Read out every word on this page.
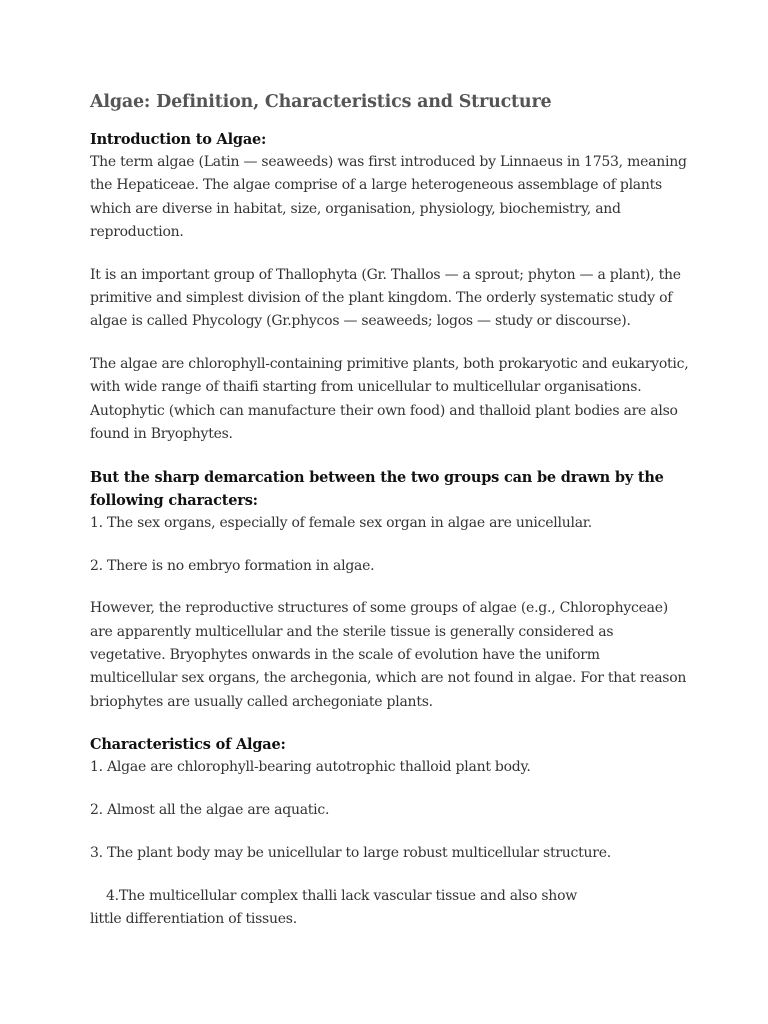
Algae: Definition, Characteristics and Structure
Introduction to Algae:

The term algae (Latin — seaweeds) was first introduced by Linnaeus in 1753, meaning the Hepaticeae. The algae comprise of a large heterogeneous assemblage of plants which are diverse in habitat, size, organisation, physiology, biochemistry, and reproduction.

It is an important group of Thallophyta (Gr. Thallos — a sprout; phyton — a plant), the primitive and simplest division of the plant kingdom. The orderly systematic study of algae is called Phycology (Gr.phycos — seaweeds; logos — study or discourse).

The algae are chlorophyll-containing primitive plants, both prokaryotic and eukaryotic, with wide range of thaifi starting from unicellular to multicellular organisations. Autophytic (which can manufacture their own food) and thalloid plant bodies are also found in Bryophytes.

But the sharp demarcation between the two groups can be drawn by the following characters:

1. The sex organs, especially of female sex organ in algae are unicellular.

2. There is no embryo formation in algae.

However, the reproductive structures of some groups of algae (e.g., Chlorophyceae) are apparently multicellular and the sterile tissue is generally considered as vegetative. Bryophytes onwards in the scale of evolution have the uniform multicellular sex organs, the archegonia, which are not found in algae. For that reason briophytes are usually called archegoniate plants.

Characteristics of Algae:

1. Algae are chlorophyll-bearing autotrophic thalloid plant body.

2. Almost all the algae are aquatic.

3. The plant body may be unicellular to large robust multicellular structure.

4.The multicellular complex thalli lack vascular tissue and also show
little differentiation of tissues.
